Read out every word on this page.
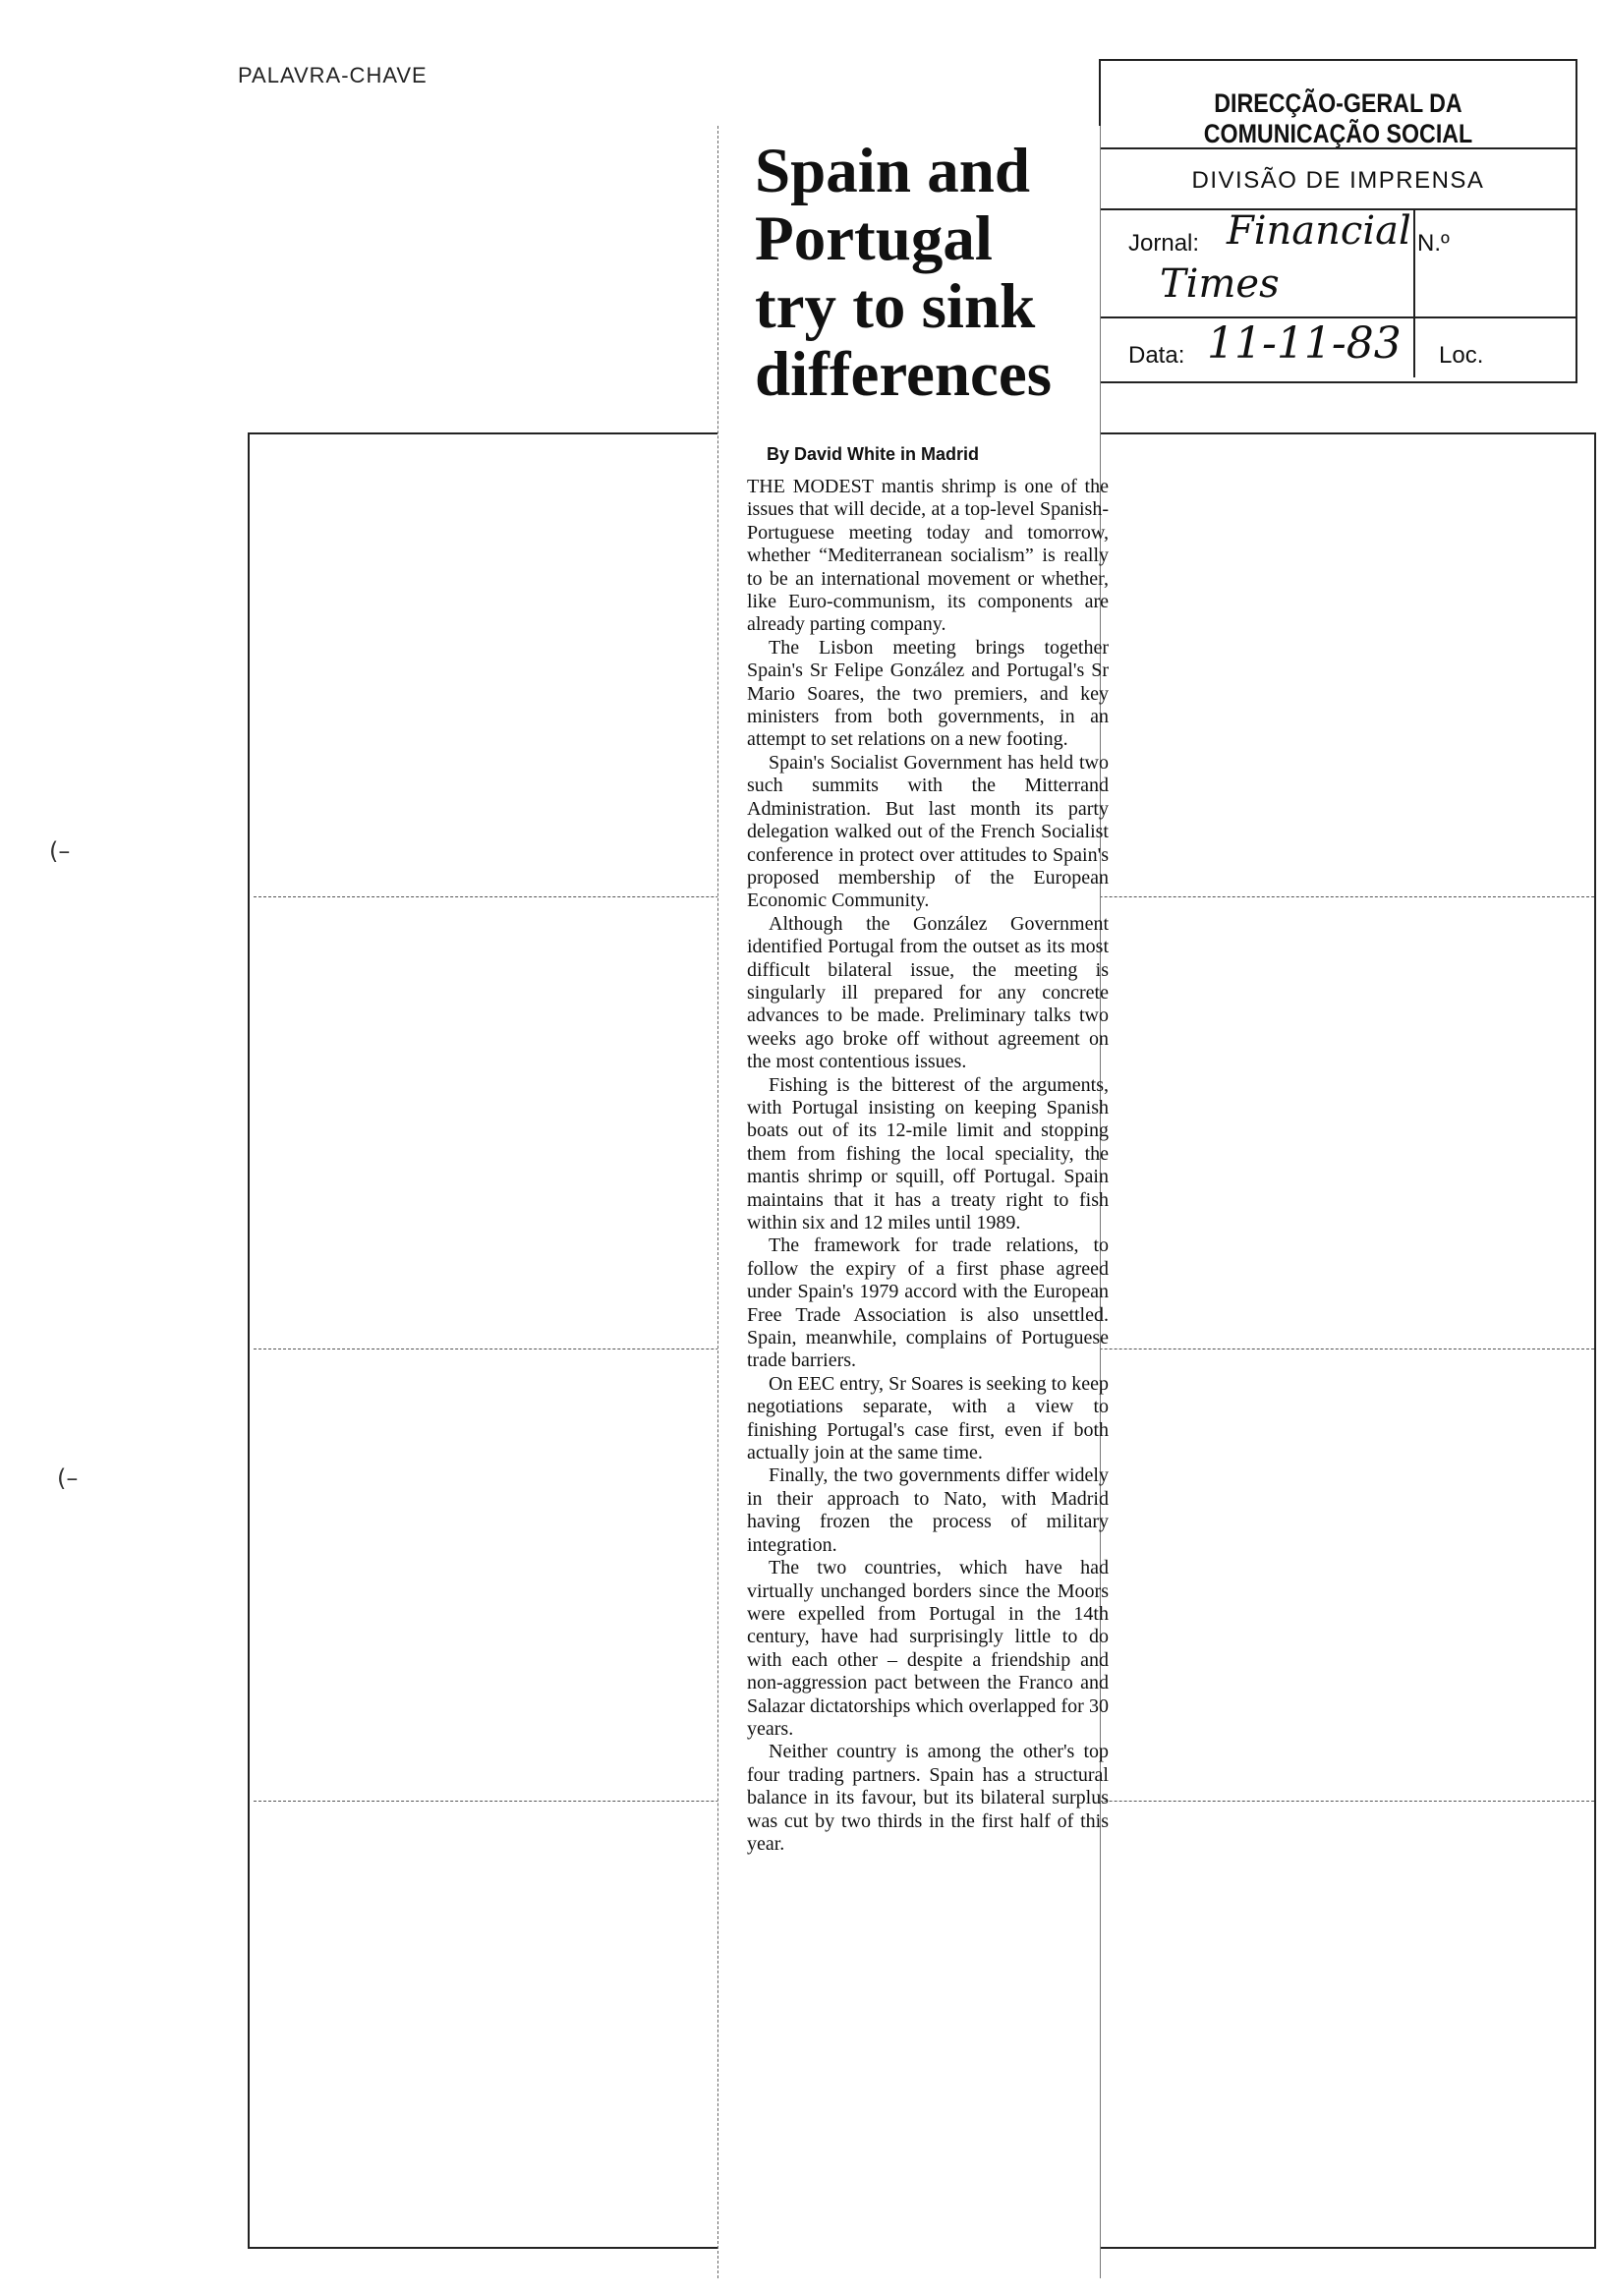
PALAVRA-CHAVE
DIRECÇÃO-GERAL DA COMUNICAÇÃO SOCIAL
DIVISÃO DE IMPRENSA
Jornal: Financial
Times
N.º
Data: 11-11-83 Loc.
Spain and Portugal try to sink differences
By David White in Madrid

THE MODEST mantis shrimp is one of the issues that will decide, at a top-level Spanish-Portuguese meeting today and tomorrow, whether “Mediterranean socialism” is really to be an international movement or whether, like Euro-communism, its components are already parting company.

The Lisbon meeting brings together Spain's Sr Felipe González and Portugal's Sr Mario Soares, the two premiers, and key ministers from both governments, in an attempt to set relations on a new footing.

Spain's Socialist Government has held two such summits with the Mitterrand Administration. But last month its party delegation walked out of the French Socialist conference in protect over attitudes to Spain's proposed membership of the European Economic Community.

Although the González Government identified Portugal from the outset as its most difficult bilateral issue, the meeting is singularly ill prepared for any concrete advances to be made. Preliminary talks two weeks ago broke off without agreement on the most contentious issues.

Fishing is the bitterest of the arguments, with Portugal insisting on keeping Spanish boats out of its 12-mile limit and stopping them from fishing the local speciality, the mantis shrimp or squill, off Portugal. Spain maintains that it has a treaty right to fish within six and 12 miles until 1989.

The framework for trade relations, to follow the expiry of a first phase agreed under Spain's 1979 accord with the European Free Trade Association is also unsettled. Spain, meanwhile, complains of Portuguese trade barriers.

On EEC entry, Sr Soares is seeking to keep negotiations separate, with a view to finishing Portugal's case first, even if both actually join at the same time.

Finally, the two governments differ widely in their approach to Nato, with Madrid having frozen the process of military integration.

The two countries, which have had virtually unchanged borders since the Moors were expelled from Portugal in the 14th century, have had surprisingly little to do with each other – despite a friendship and non-aggression pact between the Franco and Salazar dictatorships which overlapped for 30 years.

Neither country is among the other's top four trading partners. Spain has a structural balance in its favour, but its bilateral surplus was cut by two thirds in the first half of this year.

(–
(–
